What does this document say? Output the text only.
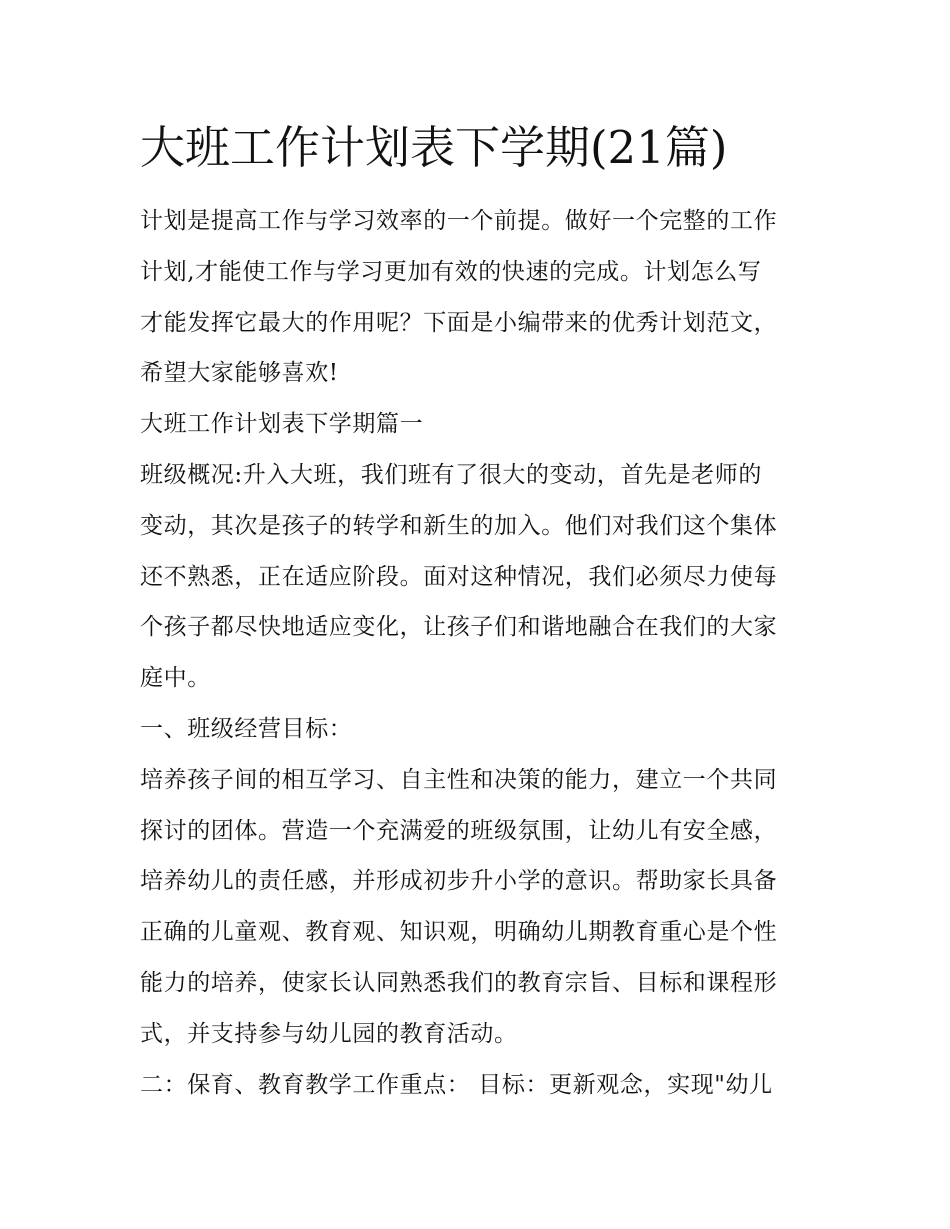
大班工作计划表下学期(21篇)
计划是提高工作与学习效率的一个前提。做好一个完整的工作
计划,才能使工作与学习更加有效的快速的完成。计划怎么写
才能发挥它最大的作用呢？下面是小编带来的优秀计划范文，
希望大家能够喜欢!
大班工作计划表下学期篇一
班级概况:升入大班，我们班有了很大的变动，首先是老师的
变动，其次是孩子的转学和新生的加入。他们对我们这个集体
还不熟悉，正在适应阶段。面对这种情况，我们必须尽力使每
个孩子都尽快地适应变化，让孩子们和谐地融合在我们的大家
庭中。
一、班级经营目标：
培养孩子间的相互学习、自主性和决策的能力，建立一个共同
探讨的团体。营造一个充满爱的班级氛围，让幼儿有安全感，
培养幼儿的责任感，并形成初步升小学的意识。帮助家长具备
正确的儿童观、教育观、知识观，明确幼儿期教育重心是个性
能力的培养，使家长认同熟悉我们的教育宗旨、目标和课程形
式，并支持参与幼儿园的教育活动。
二：保育、教育教学工作重点： 目标：更新观念，实现"幼儿
